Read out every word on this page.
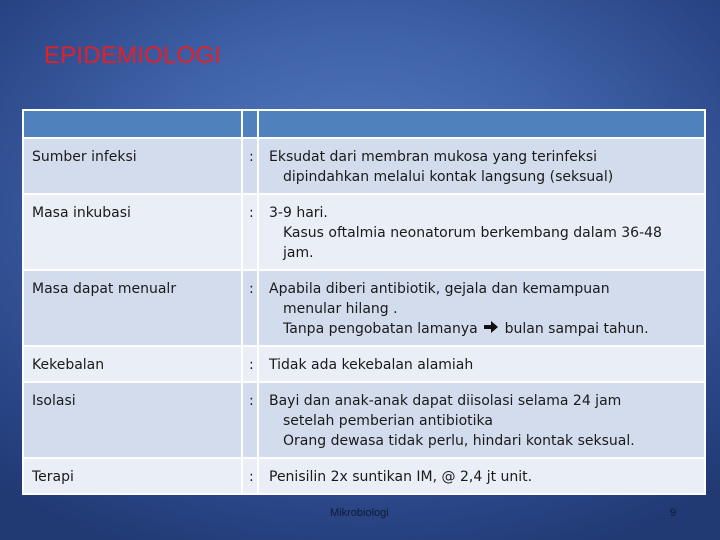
EPIDEMIOLOGI

Sumber infeksi		: Eksudat dari membran mukosa yang terinfeksi
dipindahkan melalui kontak langsung (seksual)

Masa inkubasi		: 3-9 hari.
Kasus oftalmia neonatorum berkembang dalam 36-48
jam.

Masa dapat menualr		: Apabila diberi antibiotik, gejala dan kemampuan
menular hilang .
Tanpa pengobatan lamanya bulan sampai tahun.

Kekebalan		: Tidak ada kekebalan alamiah

Isolasi		: Bayi dan anak-anak dapat diisolasi selama 24 jam
setelah pemberian antibiotika
Orang dewasa tidak perlu, hindari kontak seksual.

Terapi		: Penisilin 2x suntikan IM, @ 2,4 jt unit.
Mikrobiologi	9
